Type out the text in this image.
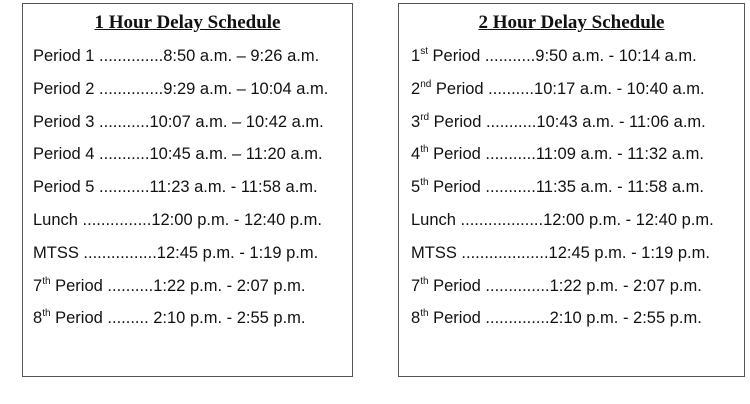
1 Hour Delay Schedule
Period 1 ..............8:50 a.m. – 9:26 a.m.
Period 2 ..............9:29 a.m. – 10:04 a.m.
Period 3 ...........10:07 a.m. – 10:42 a.m.
Period 4 ...........10:45 a.m. – 11:20 a.m.
Period 5 ...........11:23 a.m. - 11:58 a.m.
Lunch ...............12:00 p.m. - 12:40 p.m.
MTSS ................12:45 p.m. - 1:19 p.m.
7th Period ..........1:22 p.m. - 2:07 p.m.
8th Period ......... 2:10 p.m. - 2:55 p.m.
2 Hour Delay Schedule
1st Period ...........9:50 a.m. - 10:14 a.m.
2nd Period ..........10:17 a.m. - 10:40 a.m.
3rd Period ...........10:43 a.m. - 11:06 a.m.
4th Period ...........11:09 a.m. - 11:32 a.m.
5th Period ...........11:35 a.m. - 11:58 a.m.
Lunch ..................12:00 p.m. - 12:40 p.m.
MTSS ...................12:45 p.m. - 1:19 p.m.
7th Period ..............1:22 p.m. - 2:07 p.m.
8th Period ..............2:10 p.m. - 2:55 p.m.
